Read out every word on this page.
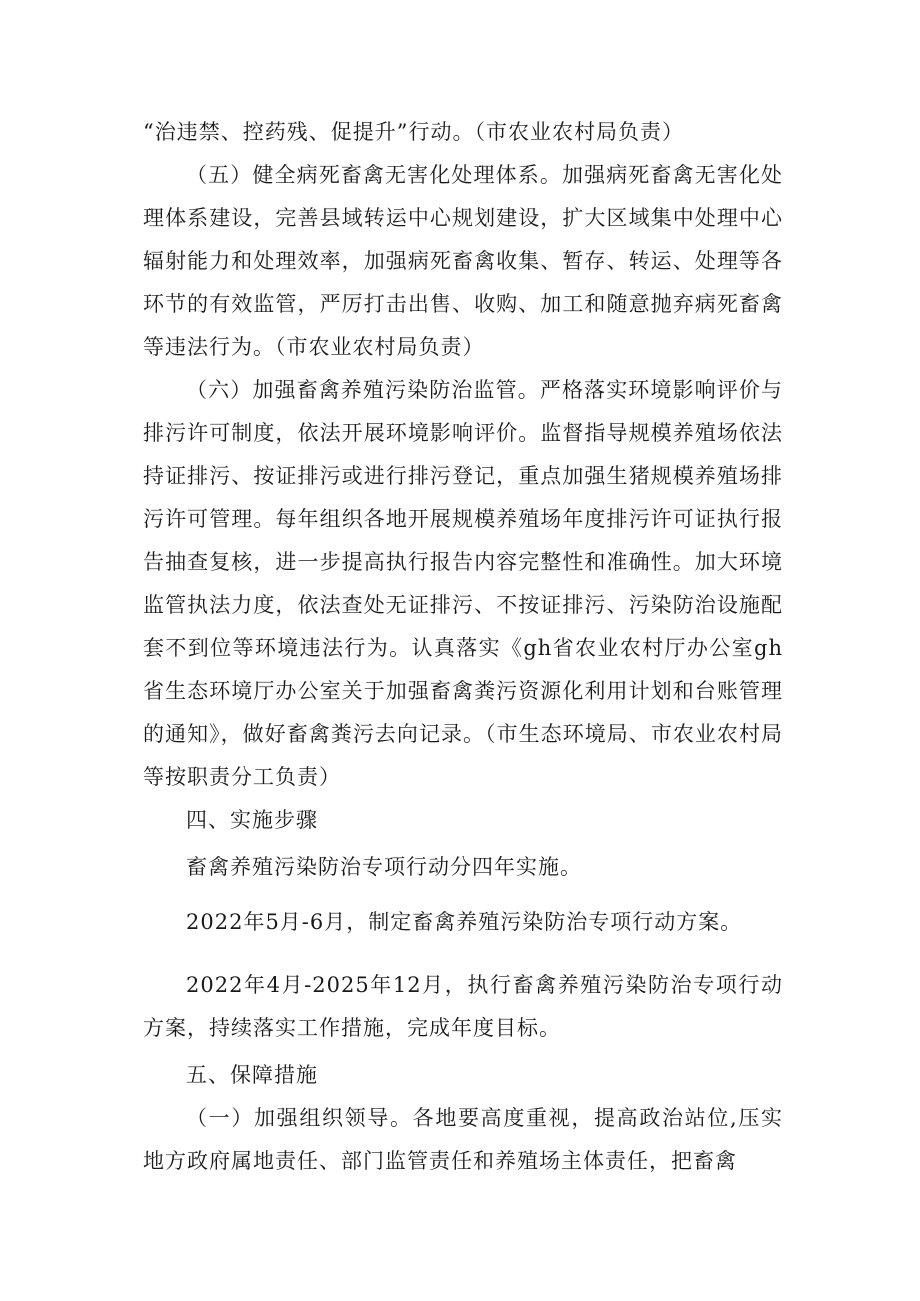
“治违禁、控药残、促提升”行动。（市农业农村局负责）

（五）健全病死畜禽无害化处理体系。加强病死畜禽无害化处理体系建设，完善县域转运中心规划建设，扩大区域集中处理中心辐射能力和处理效率，加强病死畜禽收集、暂存、转运、处理等各环节的有效监管，严厉打击出售、收购、加工和随意抛弃病死畜禽等违法行为。（市农业农村局负责）

（六）加强畜禽养殖污染防治监管。严格落实环境影响评价与排污许可制度，依法开展环境影响评价。监督指导规模养殖场依法持证排污、按证排污或进行排污登记，重点加强生猪规模养殖场排污许可管理。每年组织各地开展规模养殖场年度排污许可证执行报告抽查复核，进一步提高执行报告内容完整性和准确性。加大环境监管执法力度，依法查处无证排污、不按证排污、污染防治设施配套不到位等环境违法行为。认真落实《gh省农业农村厅办公室gh省生态环境厅办公室关于加强畜禽粪污资源化利用计划和台账管理的通知》，做好畜禽粪污去向记录。（市生态环境局、市农业农村局等按职责分工负责）

四、实施步骤

畜禽养殖污染防治专项行动分四年实施。

2022年5月-6月，制定畜禽养殖污染防治专项行动方案。

2022年4月-2025年12月，执行畜禽养殖污染防治专项行动方案，持续落实工作措施，完成年度目标。

五、保障措施

（一）加强组织领导。各地要高度重视，提高政治站位,压实地方政府属地责任、部门监管责任和养殖场主体责任，把畜禽
